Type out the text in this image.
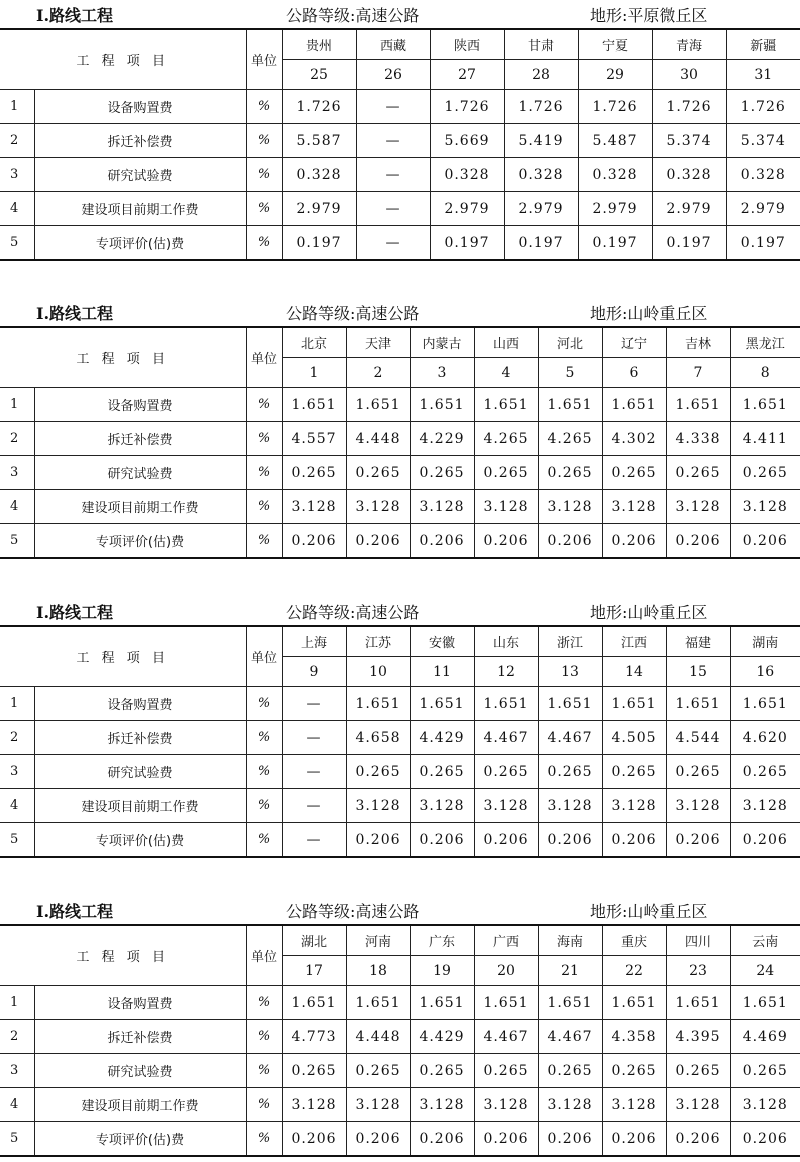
Ⅰ.路线工程	公路等级:高速公路	地形:平原微丘区
工 程 项 目		单位	贵州	西藏	陕西	甘肃	宁夏	青海	新疆
			25	26	27	28	29	30	31
1	设备购置费	%	1.726	—	1.726	1.726	1.726	1.726	1.726
2	拆迁补偿费	%	5.587	—	5.669	5.419	5.487	5.374	5.374
3	研究试验费	%	0.328	—	0.328	0.328	0.328	0.328	0.328
4	建设项目前期工作费	%	2.979	—	2.979	2.979	2.979	2.979	2.979
5	专项评价(估)费	%	0.197	—	0.197	0.197	0.197	0.197	0.197
Ⅰ.路线工程	公路等级:高速公路	地形:山岭重丘区
工 程 项 目		单位	北京	天津	内蒙古	山西	河北	辽宁	吉林	黑龙江
			1	2	3	4	5	6	7	8
1	设备购置费	%	1.651	1.651	1.651	1.651	1.651	1.651	1.651	1.651
2	拆迁补偿费	%	4.557	4.448	4.229	4.265	4.265	4.302	4.338	4.411
3	研究试验费	%	0.265	0.265	0.265	0.265	0.265	0.265	0.265	0.265
4	建设项目前期工作费	%	3.128	3.128	3.128	3.128	3.128	3.128	3.128	3.128
5	专项评价(估)费	%	0.206	0.206	0.206	0.206	0.206	0.206	0.206	0.206
Ⅰ.路线工程	公路等级:高速公路	地形:山岭重丘区
工 程 项 目		单位	上海	江苏	安徽	山东	浙江	江西	福建	湖南
			9	10	11	12	13	14	15	16
1	设备购置费	%	—	1.651	1.651	1.651	1.651	1.651	1.651	1.651
2	拆迁补偿费	%	—	4.658	4.429	4.467	4.467	4.505	4.544	4.620
3	研究试验费	%	—	0.265	0.265	0.265	0.265	0.265	0.265	0.265
4	建设项目前期工作费	%	—	3.128	3.128	3.128	3.128	3.128	3.128	3.128
5	专项评价(估)费	%	—	0.206	0.206	0.206	0.206	0.206	0.206	0.206
Ⅰ.路线工程	公路等级:高速公路	地形:山岭重丘区
工 程 项 目		单位	湖北	河南	广东	广西	海南	重庆	四川	云南
			17	18	19	20	21	22	23	24
1	设备购置费	%	1.651	1.651	1.651	1.651	1.651	1.651	1.651	1.651
2	拆迁补偿费	%	4.773	4.448	4.429	4.467	4.467	4.358	4.395	4.469
3	研究试验费	%	0.265	0.265	0.265	0.265	0.265	0.265	0.265	0.265
4	建设项目前期工作费	%	3.128	3.128	3.128	3.128	3.128	3.128	3.128	3.128
5	专项评价(估)费	%	0.206	0.206	0.206	0.206	0.206	0.206	0.206	0.206
